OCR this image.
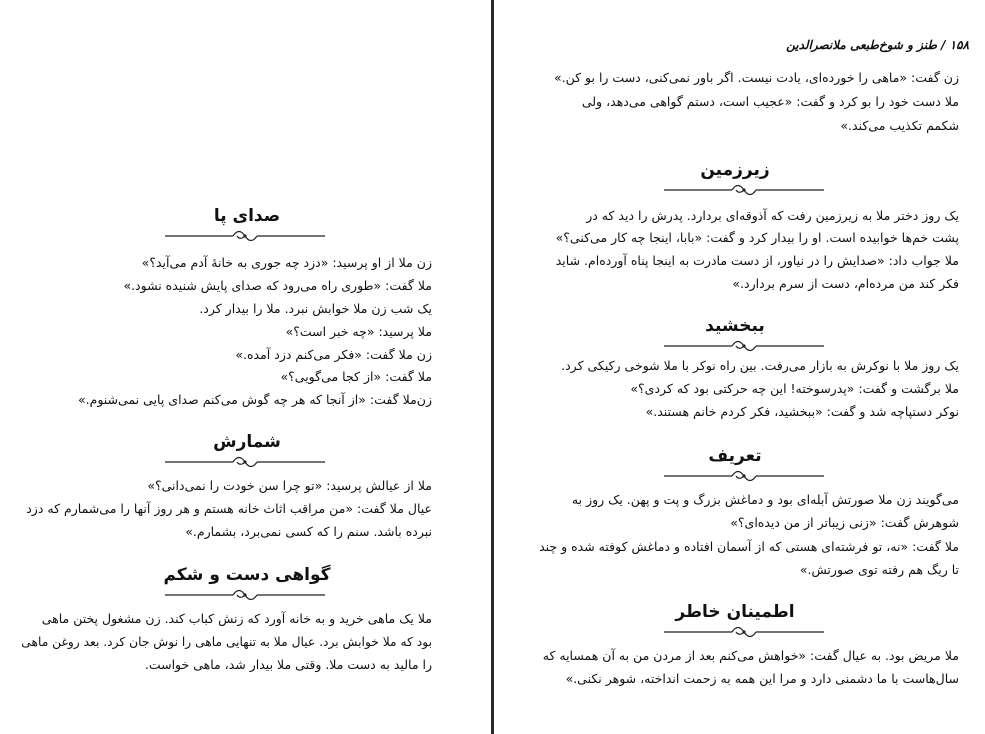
۱۵۸ / طنز و شوخ‌طبعی ملانصرالدین
زن گفت: «ماهی را خورده‌ای، یادت نیست. اگر باور نمی‌کنی، دست را بو کن.»
ملا دست خود را بو کرد و گفت: «عجیب است، دستم گواهی می‌دهد، ولی
شکمم تکذیب می‌کند.»
زیرزمین
یک روز دختر ملا به زیرزمین رفت که آذوقه‌ای بردارد. پدرش را دید که در
پشت خم‌ها خوابیده است. او را بیدار کرد و گفت: «بابا، اینجا چه کار می‌کنی؟»
ملا جواب داد: «صدایش را در نیاور، از دست مادرت به اینجا پناه آورده‌ام. شاید
فکر کند من مرده‌ام، دست از سرم بردارد.»
ببخشید
یک روز ملا با نوکرش به بازار می‌رفت. بین راه نوکر با ملا شوخی رکیکی کرد.
ملا برگشت و گفت: «پدرسوخته! این چه حرکتی بود که کردی؟»
نوکر دستپاچه شد و گفت: «ببخشید، فکر کردم خانم هستند.»
تعریف
می‌گویند زن ملا صورتش آبله‌ای بود و دماغش بزرگ و پت و پهن. یک روز به
شوهرش گفت: «زنی زیباتر از من دیده‌ای؟»
ملا گفت: «نه، تو فرشته‌ای هستی که از آسمان افتاده و دماغش کوفته شده و چند
تا ریگ هم رفته توی صورتش.»
اطمینان خاطر
ملا مریض بود. به عیال گفت: «خواهش می‌کنم بعد از مردن من به آن همسایه که
سال‌هاست با ما دشمنی دارد و مرا این همه به زحمت انداخته، شوهر نکنی.»
صدای پا
زن ملا از او پرسید: «دزد چه جوری به خانهٔ آدم می‌آید؟»
ملا گفت: «طوری راه می‌رود که صدای پایش شنیده نشود.»
یک شب زن ملا خوابش نبرد. ملا را بیدار کرد.
ملا پرسید: «چه خبر است؟»
زن ملا گفت: «فکر می‌کنم دزد آمده.»
ملا گفت: «از کجا می‌گویی؟»
زن‌ملا گفت: «از آنجا که هر چه گوش می‌کنم صدای پایی نمی‌شنوم.»
شمارش
ملا از عیالش پرسید: «تو چرا سن خودت را نمی‌دانی؟»
عیال ملا گفت: «من مراقب اثاث خانه هستم و هر روز آنها را می‌شمارم که دزد
نبرده باشد. سنم را که کسی نمی‌برد، بشمارم.»
گواهی دست و شکم
ملا یک ماهی خرید و به خانه آورد که زنش کباب کند. زن مشغول پختن ماهی
بود که ملا خوابش برد. عیال ملا به تنهایی ماهی را نوش جان کرد. بعد روغن ماهی
را مالید به دست ملا. وقتی ملا بیدار شد، ماهی خواست.
